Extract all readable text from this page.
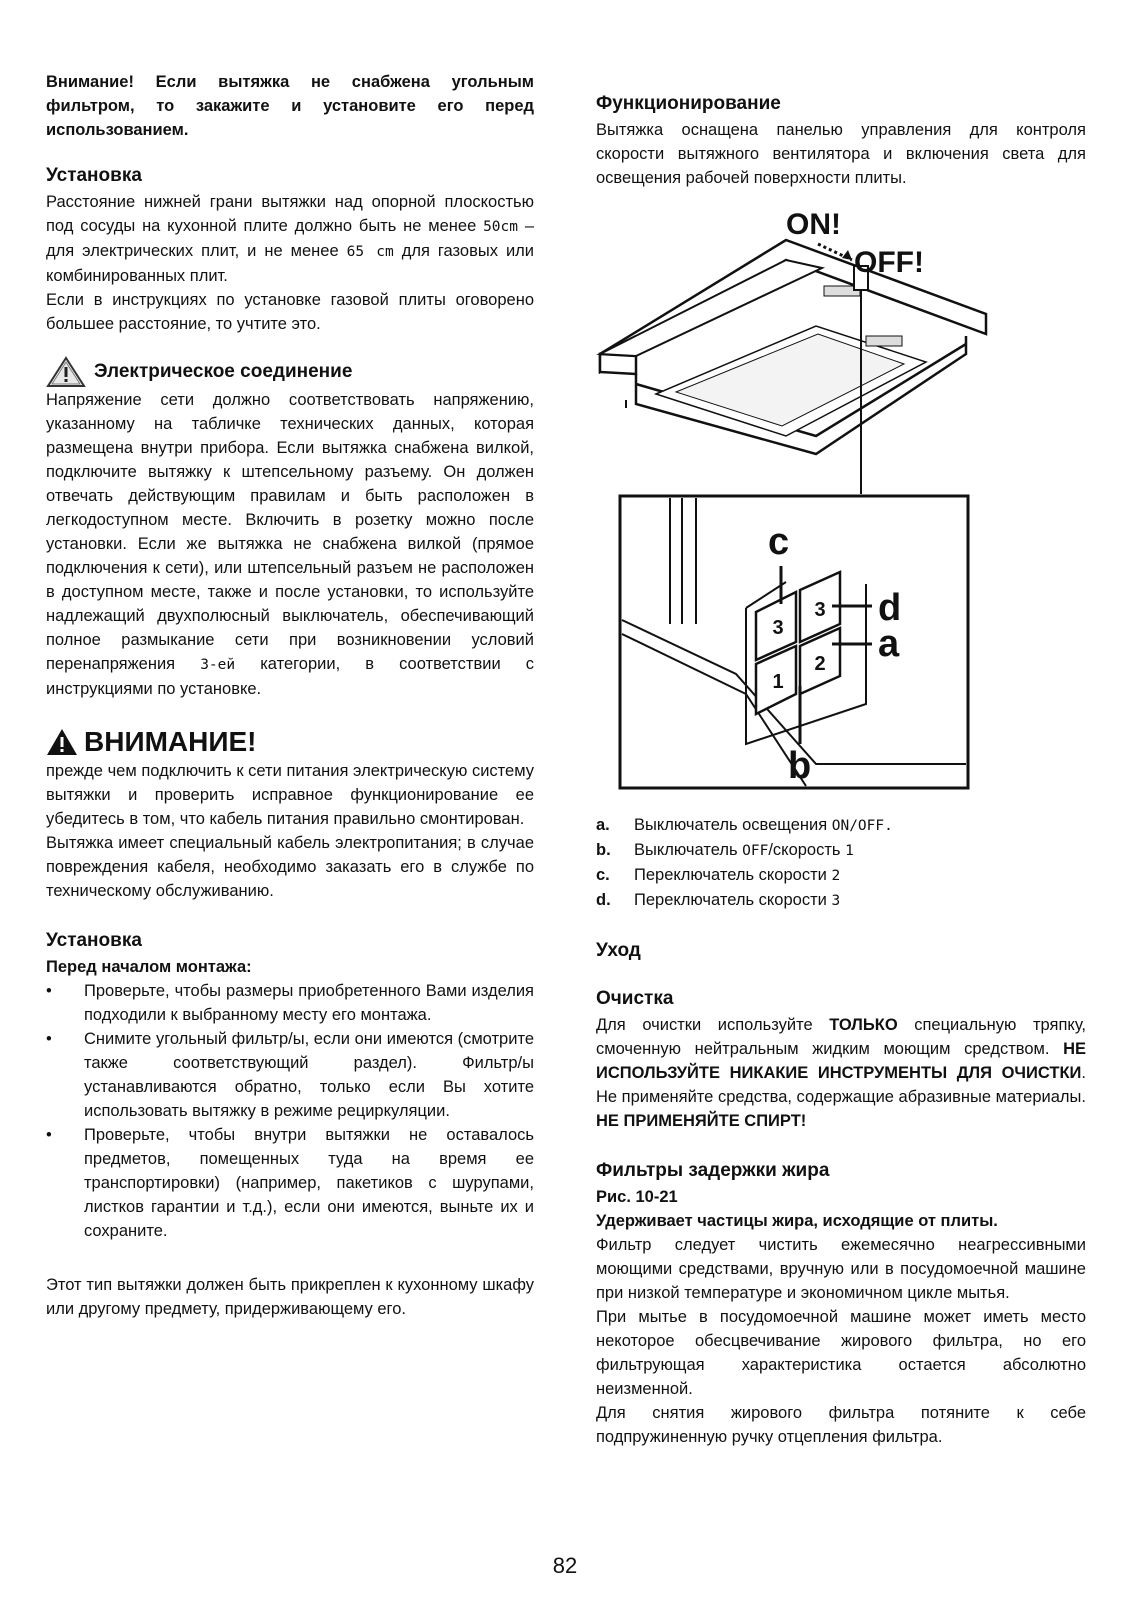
Внимание! Если вытяжка не снабжена угольным фильтром, то закажите и установите его перед использованием.

Установка

Расстояние нижней грани вытяжки над опорной плоскостью под сосуды на кухонной плите должно быть не менее 50cm – для электрических плит, и не менее 65 cm для газовых или комбинированных плит.

Если в инструкциях по установке газовой плиты оговорено большее расстояние, то учтите это.

Электрическое соединение

Напряжение сети должно соответствовать напряжению, указанному на табличке технических данных, которая размещена внутри прибора. Если вытяжка снабжена вилкой, подключите вытяжку к штепсельному разъему. Он должен отвечать действующим правилам и быть расположен в легкодоступном месте. Включить в розетку можно после установки. Если же вытяжка не снабжена вилкой (прямое подключения к сети), или штепсельный разъем не расположен в доступном месте, также и после установки, то используйте надлежащий двухполюсный выключатель, обеспечивающий полное размыкание сети при возникновении условий перенапряжения 3-ей категории, в соответствии с инструкциями по установке.

ВНИМАНИЕ!

прежде чем подключить к сети питания электрическую систему вытяжки и проверить исправное функционирование ее убедитесь в том, что кабель питания правильно смонтирован.

Вытяжка имеет специальный кабель электропитания; в случае повреждения кабеля, необходимо заказать его в службе по техническому обслуживанию.

Установка
Перед началом монтажа:
• Проверьте, чтобы размеры приобретенного Вами изделия подходили к выбранному месту его монтажа.
• Снимите угольный фильтр/ы, если они имеются (смотрите также соответствующий раздел). Фильтр/ы устанавливаются обратно, только если Вы хотите использовать вытяжку в режиме рециркуляции.
• Проверьте, чтобы внутри вытяжки не оставалось предметов, помещенных туда на время ее транспортировки) (например, пакетиков с шурупами, листков гарантии и т.д.), если они имеются, выньте их и сохраните.

Этот тип вытяжки должен быть прикреплен к кухонному шкафу или другому предмету, придерживающему его.

Функционирование

Вытяжка оснащена панелью управления для контроля скорости вытяжного вентилятора и включения света для освещения рабочей поверхности плиты.

ON!
OFF!
3
3
1
2
c
d
a
b
a.	Выключатель освещения ON/OFF.
b.	Выключатель OFF/скорость 1
c.	Переключатель скорости 2
d.	Переключатель скорости 3
Уход
Очистка

Для очистки используйте ТОЛЬКО специальную тряпку, смоченную нейтральным жидким моющим средством. НЕ ИСПОЛЬЗУЙТЕ НИКАКИЕ ИНСТРУМЕНТЫ ДЛЯ ОЧИСТКИ. Не применяйте средства, содержащие абразивные материалы. НЕ ПРИМЕНЯЙТЕ СПИРТ!

Фильтры задержки жира
Рис. 10-21
Удерживает частицы жира, исходящие от плиты.

Фильтр следует чистить ежемесячно неагрессивными моющими средствами, вручную или в посудомоечной машине при низкой температуре и экономичном цикле мытья.

При мытье в посудомоечной машине может иметь место некоторое обесцвечивание жирового фильтра, но его фильтрующая характеристика остается абсолютно неизменной.

Для снятия жирового фильтра потяните к себе подпружиненную ручку отцепления фильтра.

82
